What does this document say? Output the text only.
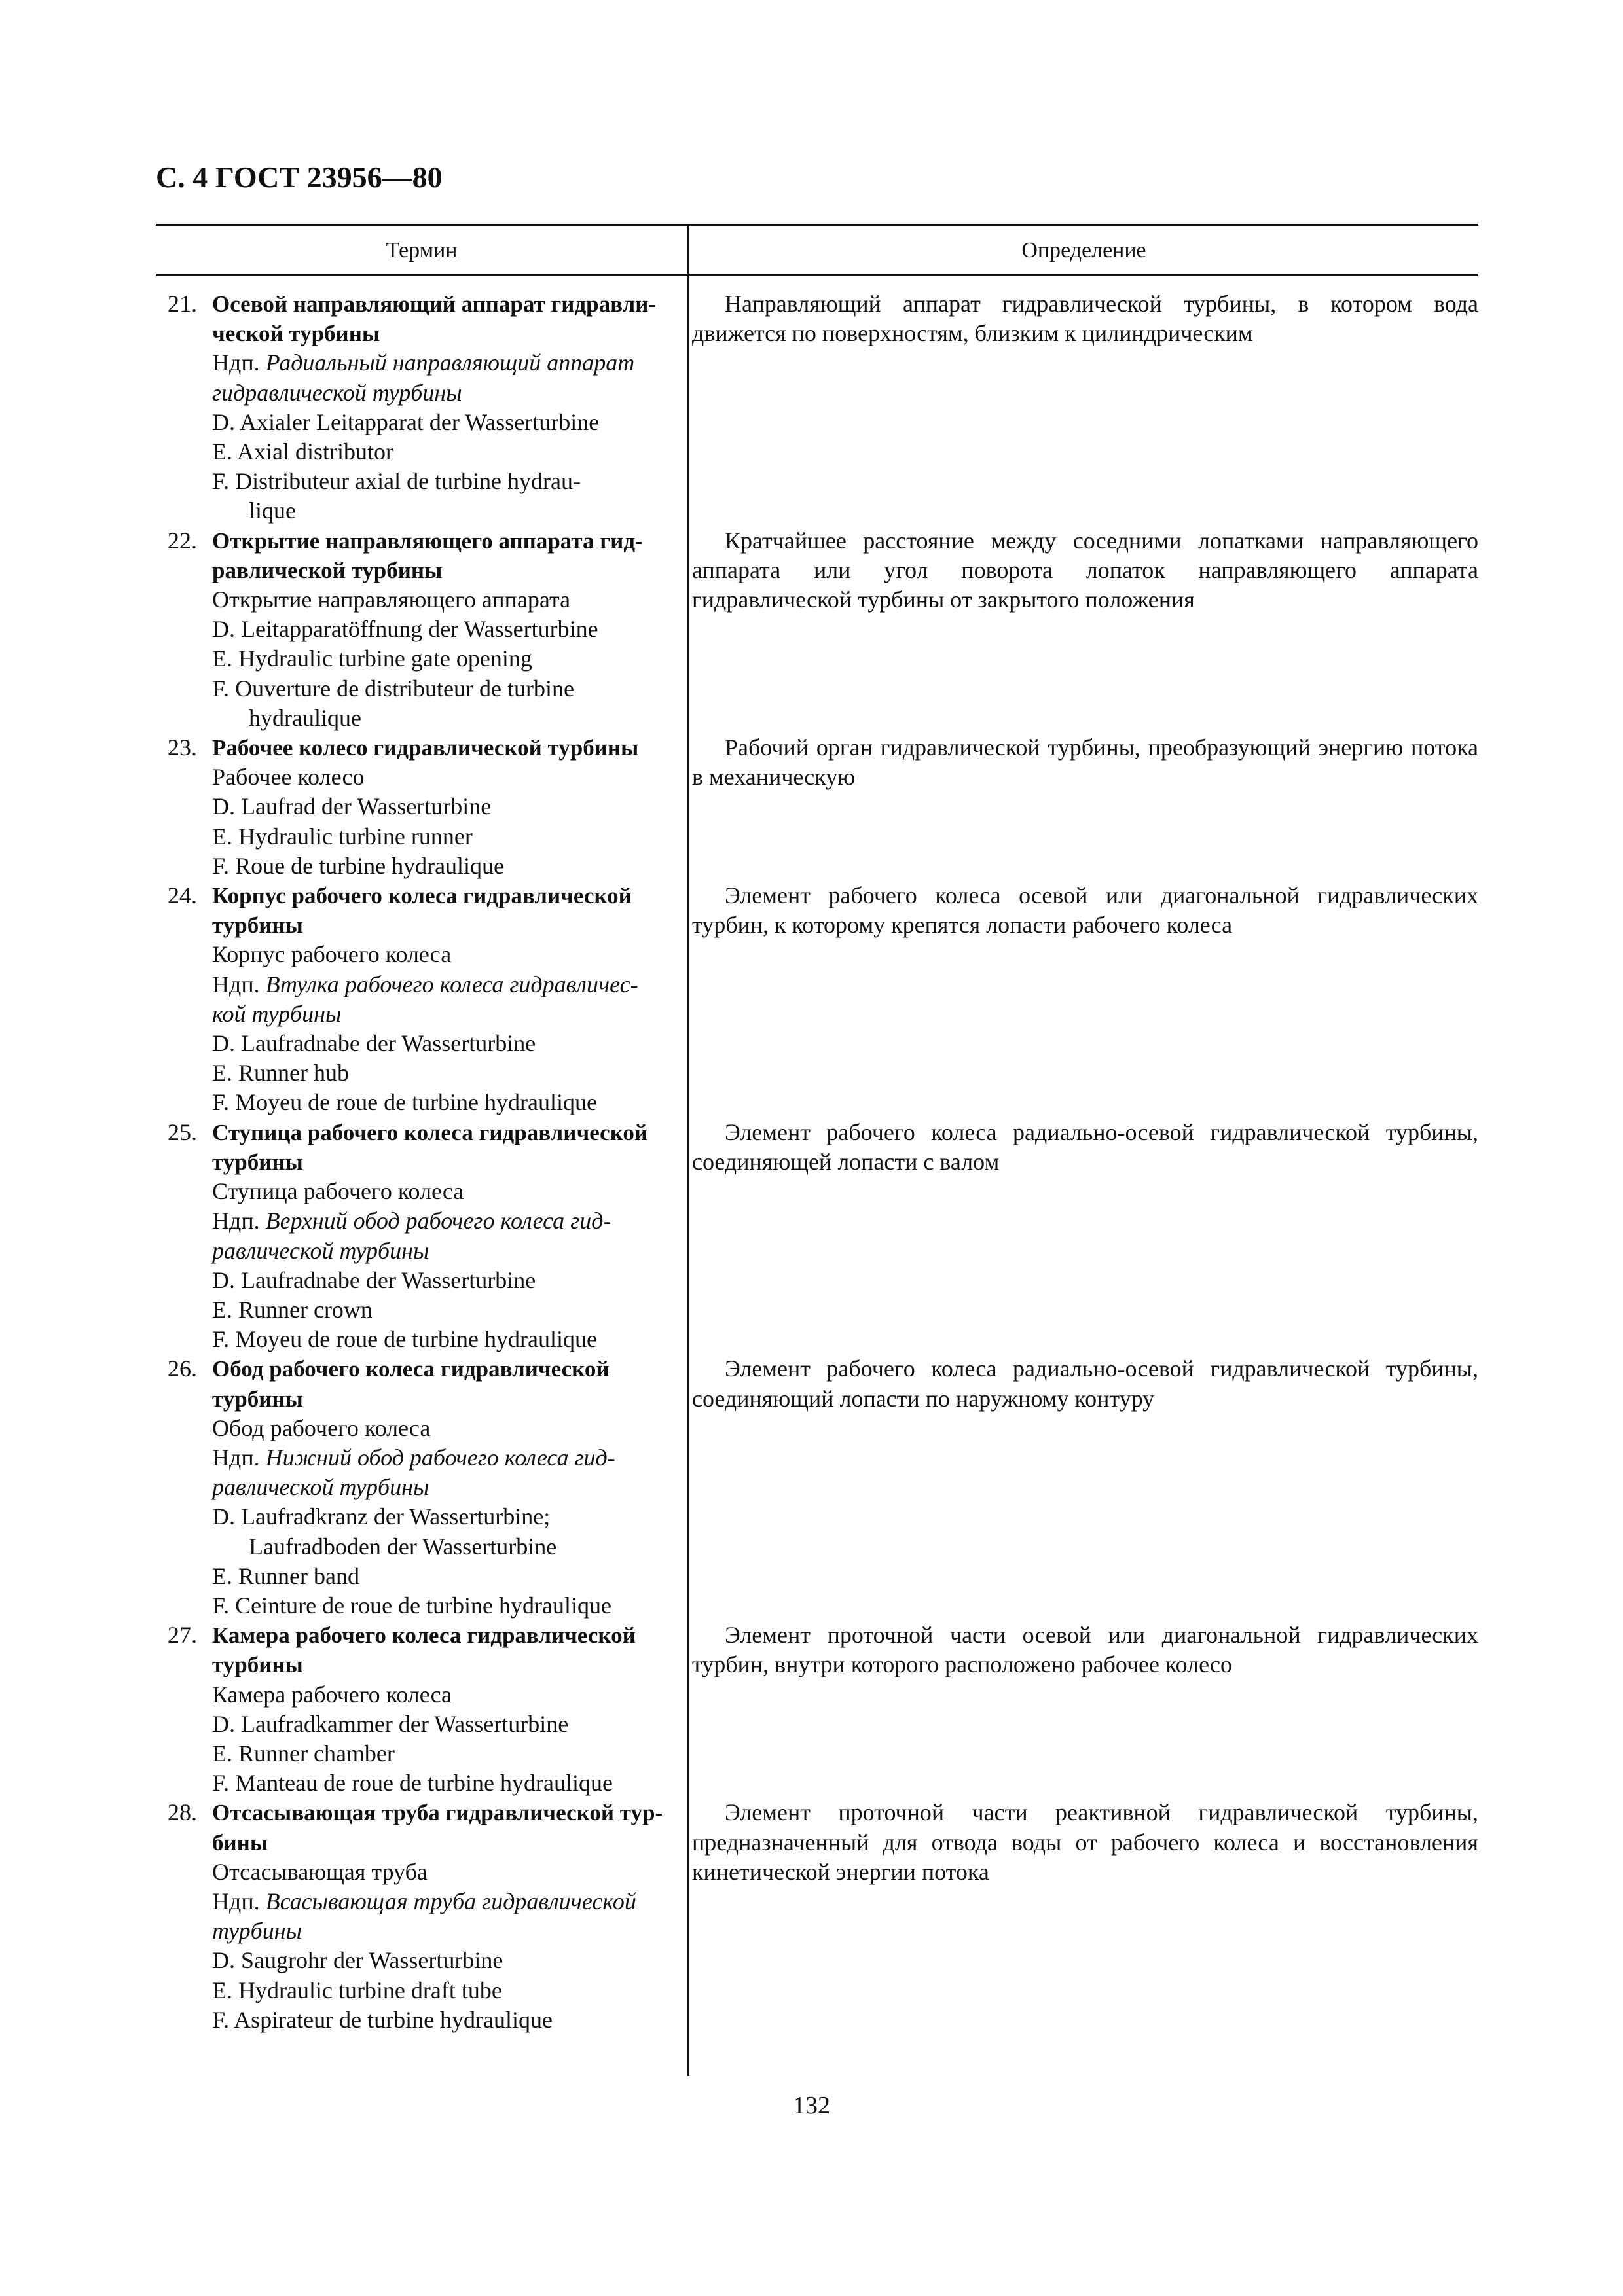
С. 4 ГОСТ 23956—80
Термин	Определение
21. Осевой направляющий аппарат гидравли-
ческой турбины
Ндп. Радиальный направляющий аппарат
гидравлической турбины
D. Axialer Leitapparat der Wasserturbine
E. Axial distributor
F. Distributeur axial de turbine hydrau-
lique

Направляющий аппарат гидравлической турбины, в котором вода движется по поверхностям, близким к цилиндрическим

22. Открытие направляющего аппарата гид-
равлической турбины
Открытие направляющего аппарата
D. Leitapparatöffnung der Wasserturbine
E. Hydraulic turbine gate opening
F. Ouverture de distributeur de turbine
hydraulique

Кратчайшее расстояние между соседними лопатками направляющего аппарата или угол поворота лопаток направляющего аппарата гидравлической турбины от закрытого положения

23. Рабочее колесо гидравлической турбины
Рабочее колесо
D. Laufrad der Wasserturbine
E. Hydraulic turbine runner
F. Roue de turbine hydraulique

Рабочий орган гидравлической турбины, преобразующий энергию потока в механическую

24. Корпус рабочего колеса гидравлической
турбины
Корпус рабочего колеса
Ндп. Втулка рабочего колеса гидравличес-
кой турбины
D. Laufradnabe der Wasserturbine
E. Runner hub
F. Moyeu de roue de turbine hydraulique

Элемент рабочего колеса осевой или диагональной гидравлических турбин, к которому крепятся лопасти рабочего колеса

25. Ступица рабочего колеса гидравлической
турбины
Ступица рабочего колеса
Ндп. Верхний обод рабочего колеса гид-
равлической турбины
D. Laufradnabe der Wasserturbine
E. Runner crown
F. Moyeu de roue de turbine hydraulique

Элемент рабочего колеса радиально-осевой гидравлической турбины, соединяющей лопасти с валом

26. Обод рабочего колеса гидравлической
турбины
Обод рабочего колеса
Ндп. Нижний обод рабочего колеса гид-
равлической турбины
D. Laufradkranz der Wasserturbine;
Laufradboden der Wasserturbine
E. Runner band
F. Ceinture de roue de turbine hydraulique

Элемент рабочего колеса радиально-осевой гидравлической турбины, соединяющий лопасти по наружному контуру

27. Камера рабочего колеса гидравлической
турбины
Камера рабочего колеса
D. Laufradkammer der Wasserturbine
E. Runner chamber
F. Manteau de roue de turbine hydraulique

Элемент проточной части осевой или диагональной гидравлических турбин, внутри которого расположено рабочее колесо

28. Отсасывающая труба гидравлической тур-
бины
Отсасывающая труба
Ндп. Всасывающая труба гидравлической
турбины
D. Saugrohr der Wasserturbine
E. Hydraulic turbine draft tube
F. Aspirateur de turbine hydraulique

Элемент проточной части реактивной гидравлической турбины, предназначенный для отвода воды от рабочего колеса и восстановления кинетической энергии потока

132
